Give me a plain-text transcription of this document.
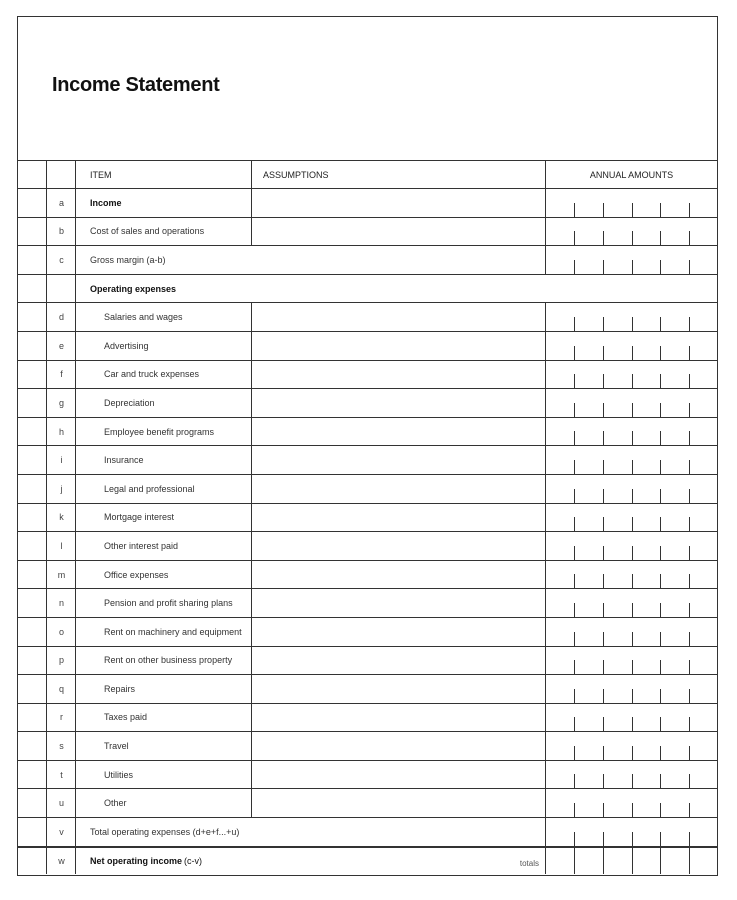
Income Statement
ITEM	ASSUMPTIONS	ANNUAL AMOUNTS
a	Income
b	Cost of sales and operations
c	Gross margin (a-b)
Operating expenses
d	Salaries and wages
e	Advertising
f	Car and truck expenses
g	Depreciation
h	Employee benefit programs
i	Insurance
j	Legal and professional
k	Mortgage interest
l	Other interest paid
m	Office expenses
n	Pension and profit sharing plans
o	Rent on machinery and equipment
p	Rent on other business property
q	Repairs
r	Taxes paid
s	Travel
t	Utilities
u	Other
v	Total operating expenses (d+e+f...+u)
w	Net operating income (c-v)	totals
